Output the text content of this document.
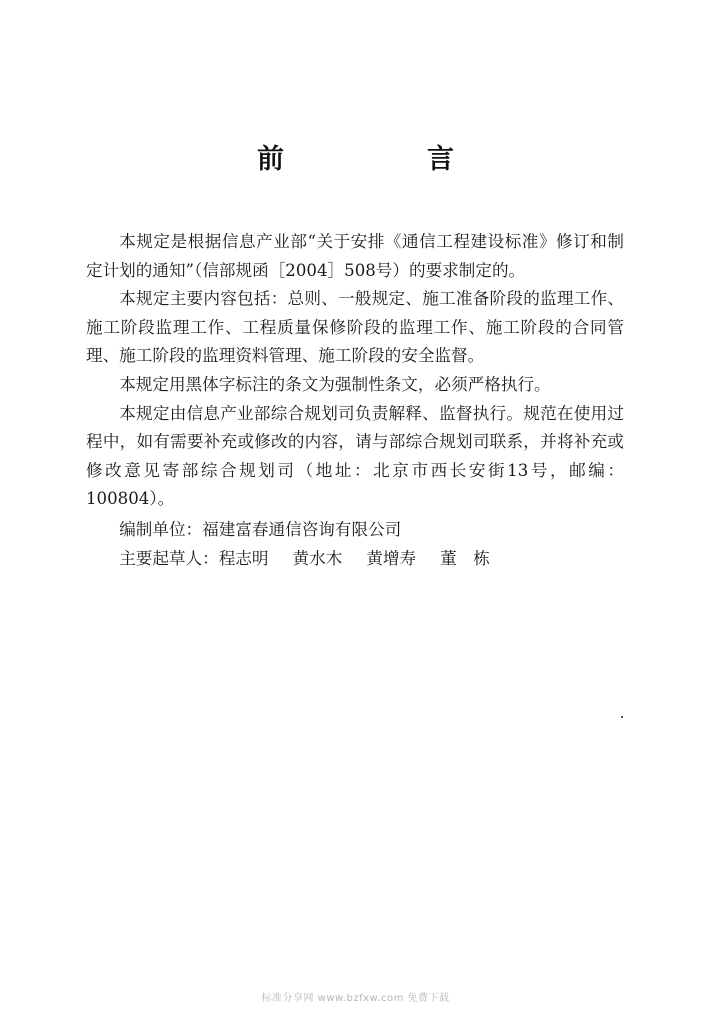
前　言

本规定是根据信息产业部“关于安排《通信工程建设标准》修订和制定计划的通知”（信部规函［2004］508号）的要求制定的。

本规定主要内容包括：总则、一般规定、施工准备阶段的监理工作、施工阶段监理工作、工程质量保修阶段的监理工作、施工阶段的合同管理、施工阶段的监理资料管理、施工阶段的安全监督。

本规定用黑体字标注的条文为强制性条文，必须严格执行。

本规定由信息产业部综合规划司负责解释、监督执行。规范在使用过程中，如有需要补充或修改的内容，请与部综合规划司联系，并将补充或修改意见寄部综合规划司（地址：北京市西长安街13号，邮编：100804）。

编制单位：福建富春通信咨询有限公司

主要起草人：程志明 黄水木 黄增寿 董　栋

标准分享网 www.bzfxw.com 免费下载
